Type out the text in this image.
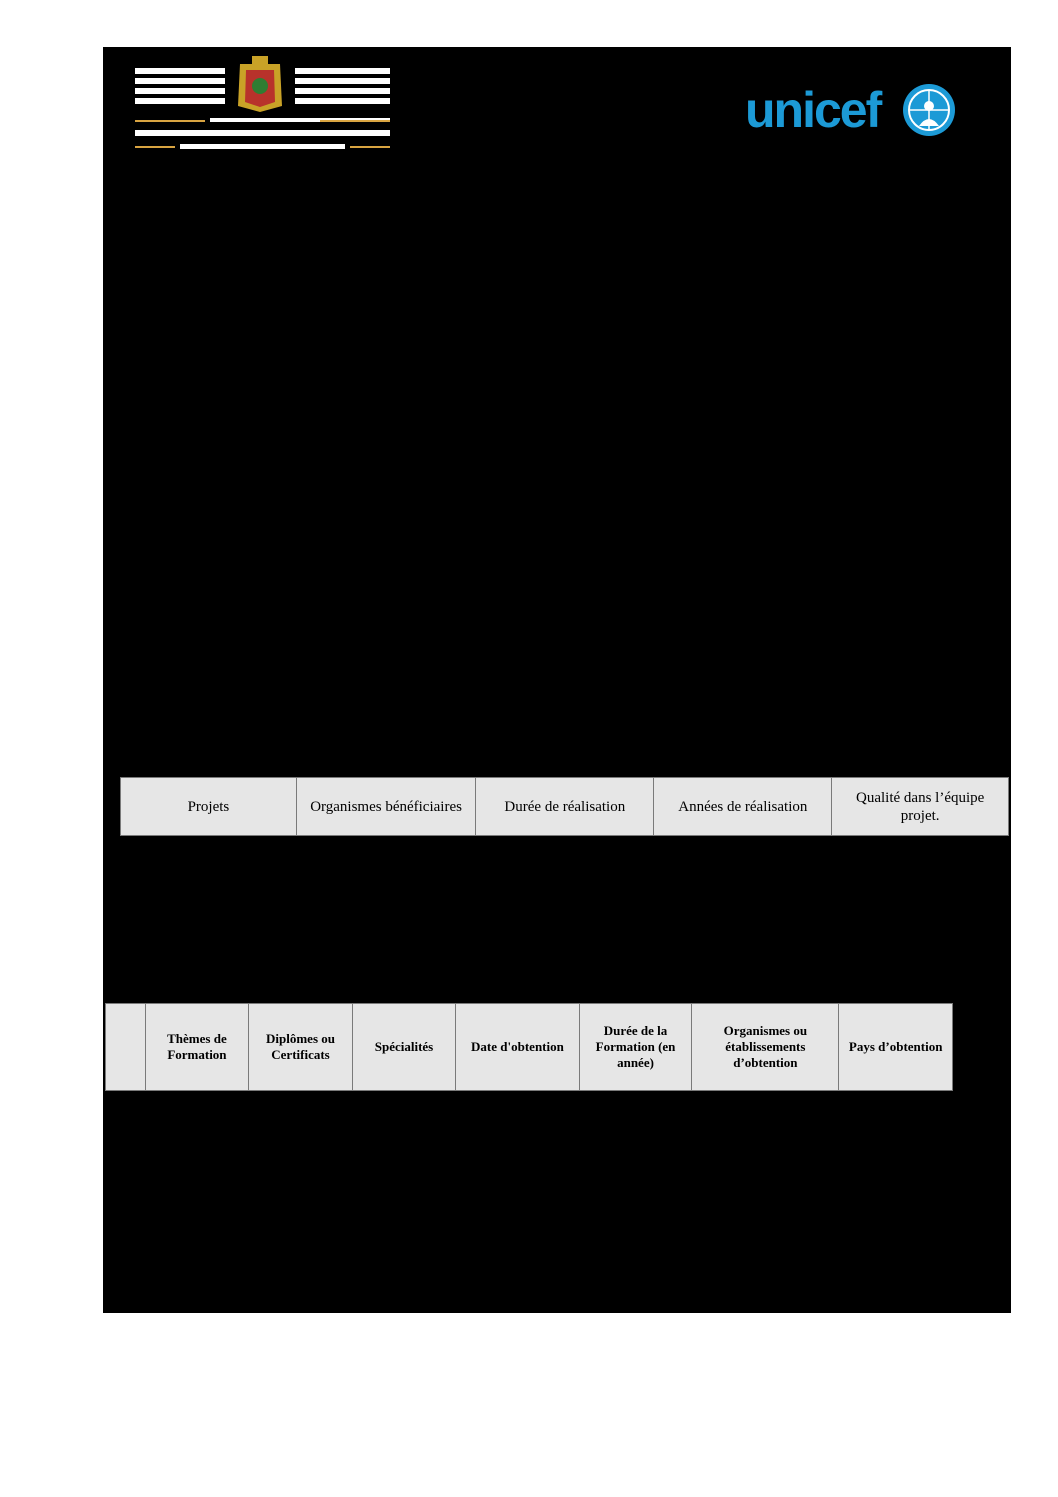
unicef
Projets	Organismes bénéficiaires	Durée de réalisation	Années de réalisation	Qualité dans l’équipe projet.
	Thèmes de Formation	Diplômes ou Certificats	Spécialités	Date d'obtention	Durée de la Formation (en année)	Organismes ou établissements d’obtention	Pays d’obtention
